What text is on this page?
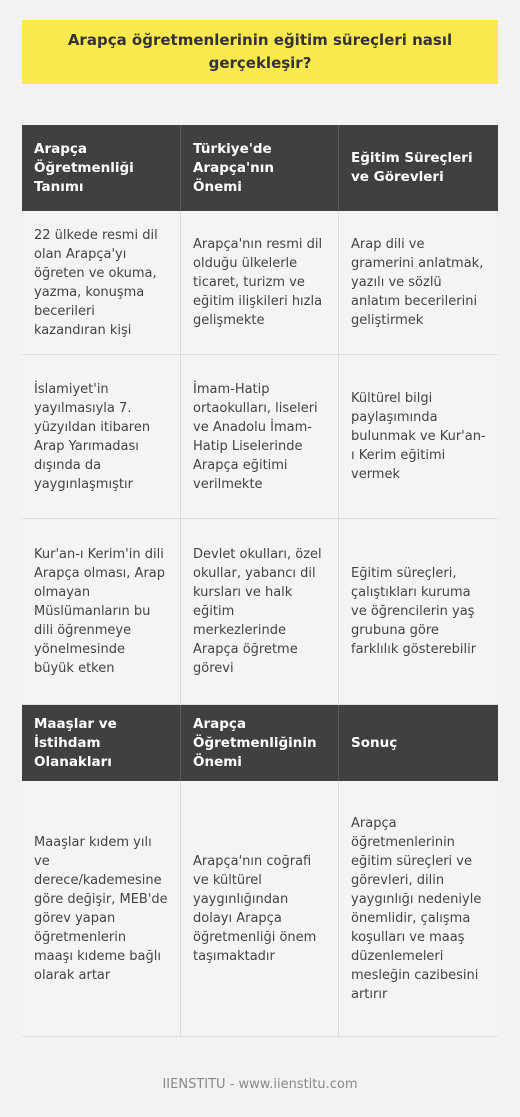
Arapça öğretmenlerinin eğitim süreçleri nasıl gerçekleşir?
Arapça Öğretmenliği Tanımı
Türkiye'de Arapça'nın Önemi
Eğitim Süreçleri ve Görevleri
22 ülkede resmi dil olan Arapça'yı öğreten ve okuma, yazma, konuşma becerileri kazandıran kişi
Arapça'nın resmi dil olduğu ülkelerle ticaret, turizm ve eğitim ilişkileri hızla gelişmekte
Arap dili ve gramerini anlatmak, yazılı ve sözlü anlatım becerilerini geliştirmek
İslamiyet'in yayılmasıyla 7. yüzyıldan itibaren Arap Yarımadası dışında da yaygınlaşmıştır
İmam-Hatip ortaokulları, liseleri ve Anadolu İmam-Hatip Liselerinde Arapça eğitimi verilmekte
Kültürel bilgi paylaşımında bulunmak ve Kur'an-ı Kerim eğitimi vermek
Kur'an-ı Kerim'in dili Arapça olması, Arap olmayan Müslümanların bu dili öğrenmeye yönelmesinde büyük etken
Devlet okulları, özel okullar, yabancı dil kursları ve halk eğitim merkezlerinde Arapça öğretme görevi
Eğitim süreçleri, çalıştıkları kuruma ve öğrencilerin yaş grubuna göre farklılık gösterebilir
Maaşlar ve İstihdam Olanakları
Arapça Öğretmenliğinin Önemi
Sonuç
Maaşlar kıdem yılı ve derece/kademesine göre değişir, MEB'de görev yapan öğretmenlerin maaşı kıdeme bağlı olarak artar
Arapça'nın coğrafi ve kültürel yaygınlığından dolayı Arapça öğretmenliği önem taşımaktadır
Arapça öğretmenlerinin eğitim süreçleri ve görevleri, dilin yaygınlığı nedeniyle önemlidir, çalışma koşulları ve maaş düzenlemeleri mesleğin cazibesini artırır
IIENSTITU - www.iienstitu.com
